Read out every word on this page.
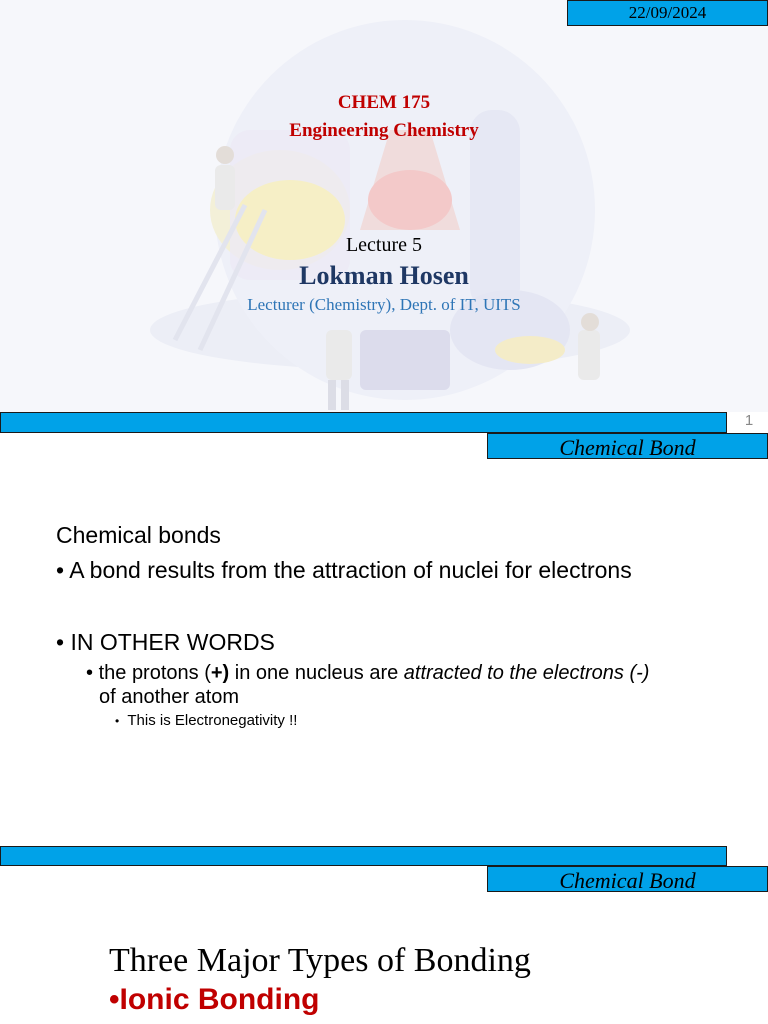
22/09/2024
CHEM 175
Engineering Chemistry
Lecture 5
Lokman Hosen
Lecturer (Chemistry), Dept. of IT, UITS
1
Chemical Bond
Chemical bonds
• A bond results from the attraction of nuclei for electrons
• IN OTHER WORDS
• the protons (+) in one nucleus are attracted to the electrons (-)
of another atom
• This is Electronegativity !!
Chemical Bond
Three Major Types of Bonding
•Ionic Bonding
